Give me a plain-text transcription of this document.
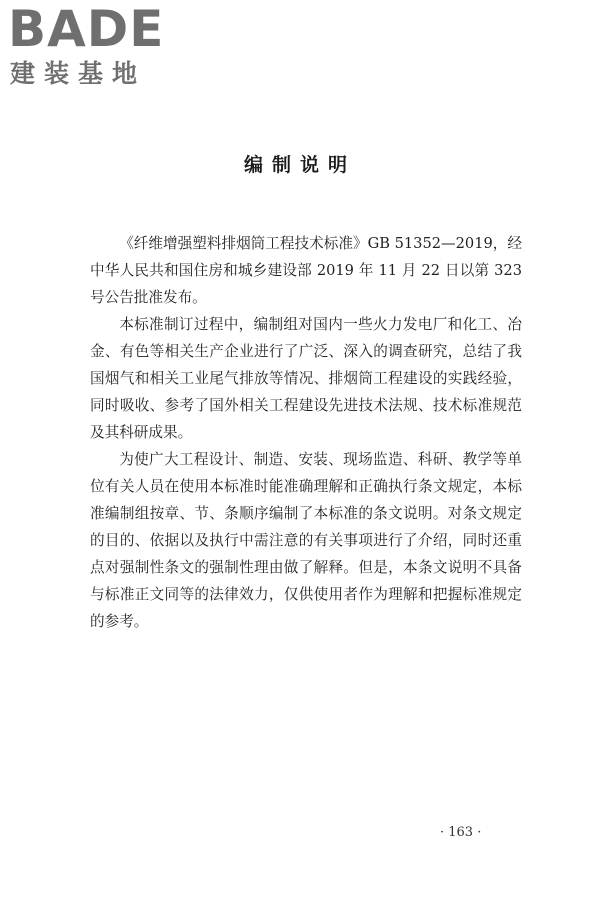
BADE
建装基地
编制说明

《纤维增强塑料排烟筒工程技术标准》GB 51352—2019，经中华人民共和国住房和城乡建设部 2019 年 11 月 22 日以第 323 号公告批准发布。

本标准制订过程中，编制组对国内一些火力发电厂和化工、冶金、有色等相关生产企业进行了广泛、深入的调查研究，总结了我国烟气和相关工业尾气排放等情况、排烟筒工程建设的实践经验，同时吸收、参考了国外相关工程建设先进技术法规、技术标准规范及其科研成果。

为使广大工程设计、制造、安装、现场监造、科研、教学等单位有关人员在使用本标准时能准确理解和正确执行条文规定，本标准编制组按章、节、条顺序编制了本标准的条文说明。对条文规定的目的、依据以及执行中需注意的有关事项进行了介绍，同时还重点对强制性条文的强制性理由做了解释。但是，本条文说明不具备与标准正文同等的法律效力，仅供使用者作为理解和把握标准规定的参考。

· 163 ·
